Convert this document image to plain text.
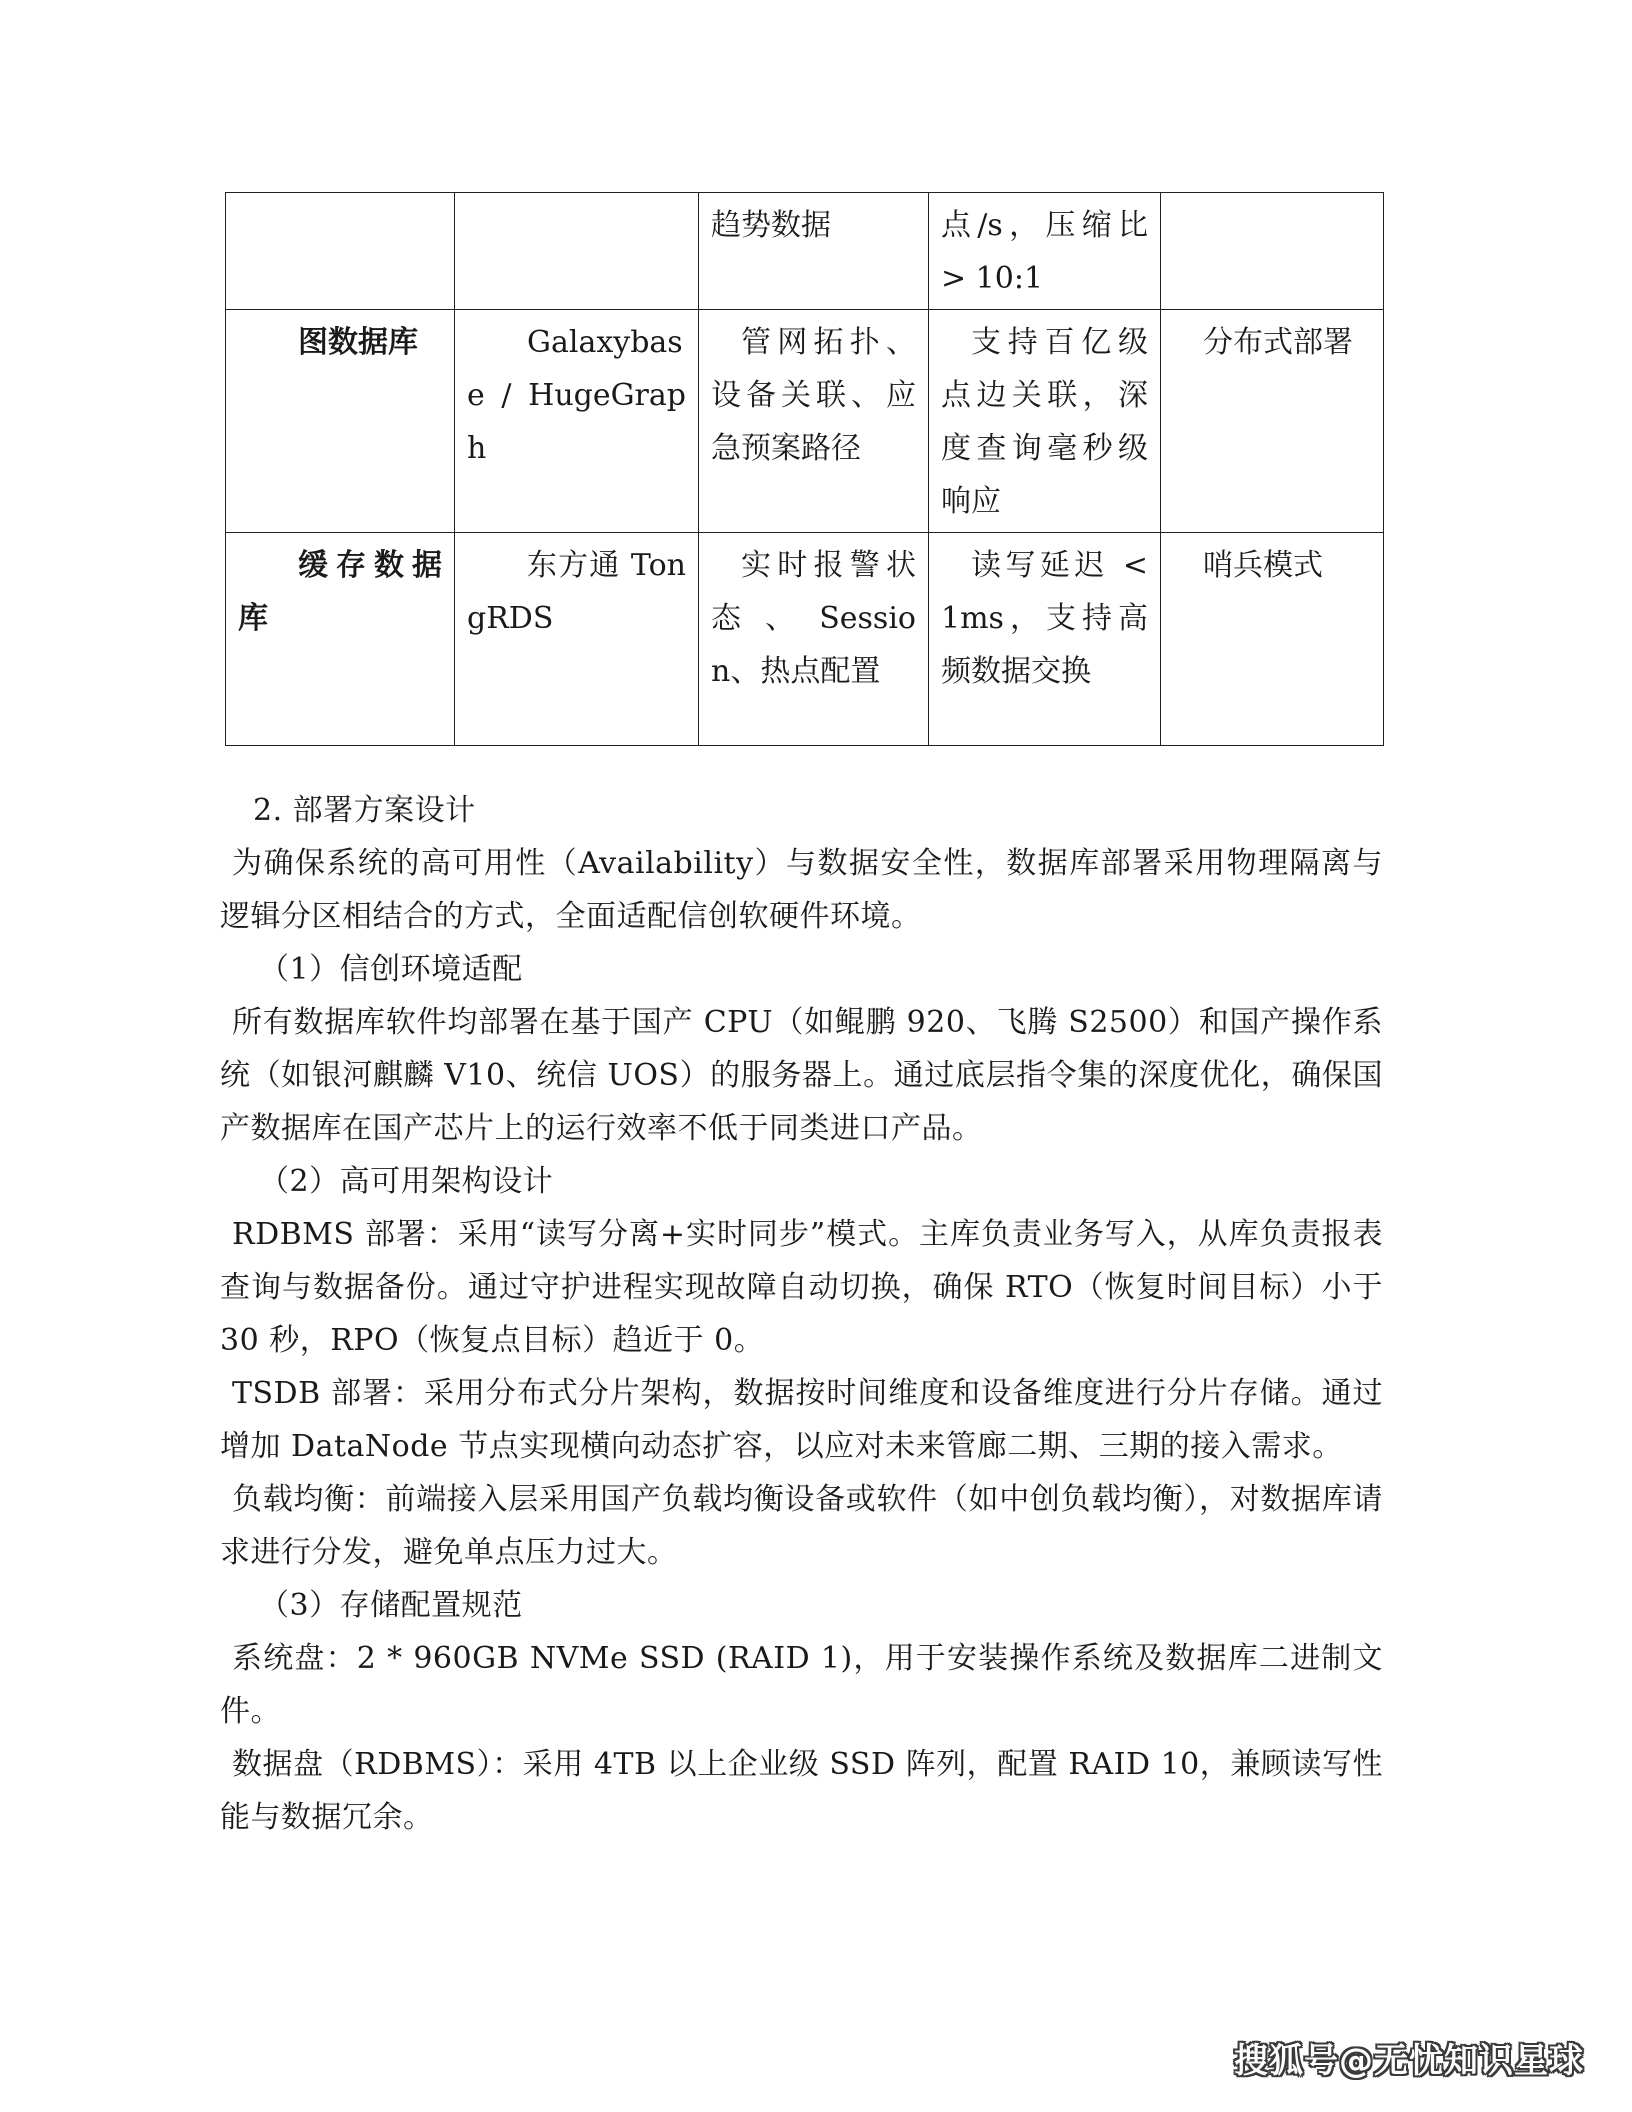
		趋势数据	点/s，压缩比 > 10:1	
图数据库	Galaxybase / HugeGraph	管网拓扑、设备关联、应急预案路径	支持百亿级点边关联，深度查询毫秒级响应	分布式部署
缓存数据库	东方通 TongRDS	实时报警状态、Session、热点配置	读写延迟 < 1ms，支持高频数据交换	哨兵模式

2. 部署方案设计

为确保系统的高可用性（Availability）与数据安全性，数据库部署采用物理隔离与逻辑分区相结合的方式，全面适配信创软硬件环境。

（1）信创环境适配

所有数据库软件均部署在基于国产 CPU（如鲲鹏 920、飞腾 S2500）和国产操作系统（如银河麒麟 V10、统信 UOS）的服务器上。通过底层指令集的深度优化，确保国产数据库在国产芯片上的运行效率不低于同类进口产品。

（2）高可用架构设计

RDBMS 部署：采用“读写分离+实时同步”模式。主库负责业务写入，从库负责报表查询与数据备份。通过守护进程实现故障自动切换，确保 RTO（恢复时间目标）小于 30 秒，RPO（恢复点目标）趋近于 0。

TSDB 部署：采用分布式分片架构，数据按时间维度和设备维度进行分片存储。通过增加 DataNode 节点实现横向动态扩容，以应对未来管廊二期、三期的接入需求。

负载均衡：前端接入层采用国产负载均衡设备或软件（如中创负载均衡），对数据库请求进行分发，避免单点压力过大。

（3）存储配置规范

系统盘：2 * 960GB NVMe SSD (RAID 1)，用于安装操作系统及数据库二进制文件。

数据盘（RDBMS）：采用 4TB 以上企业级 SSD 阵列，配置 RAID 10，兼顾读写性能与数据冗余。

搜狐号@无忧知识星球
